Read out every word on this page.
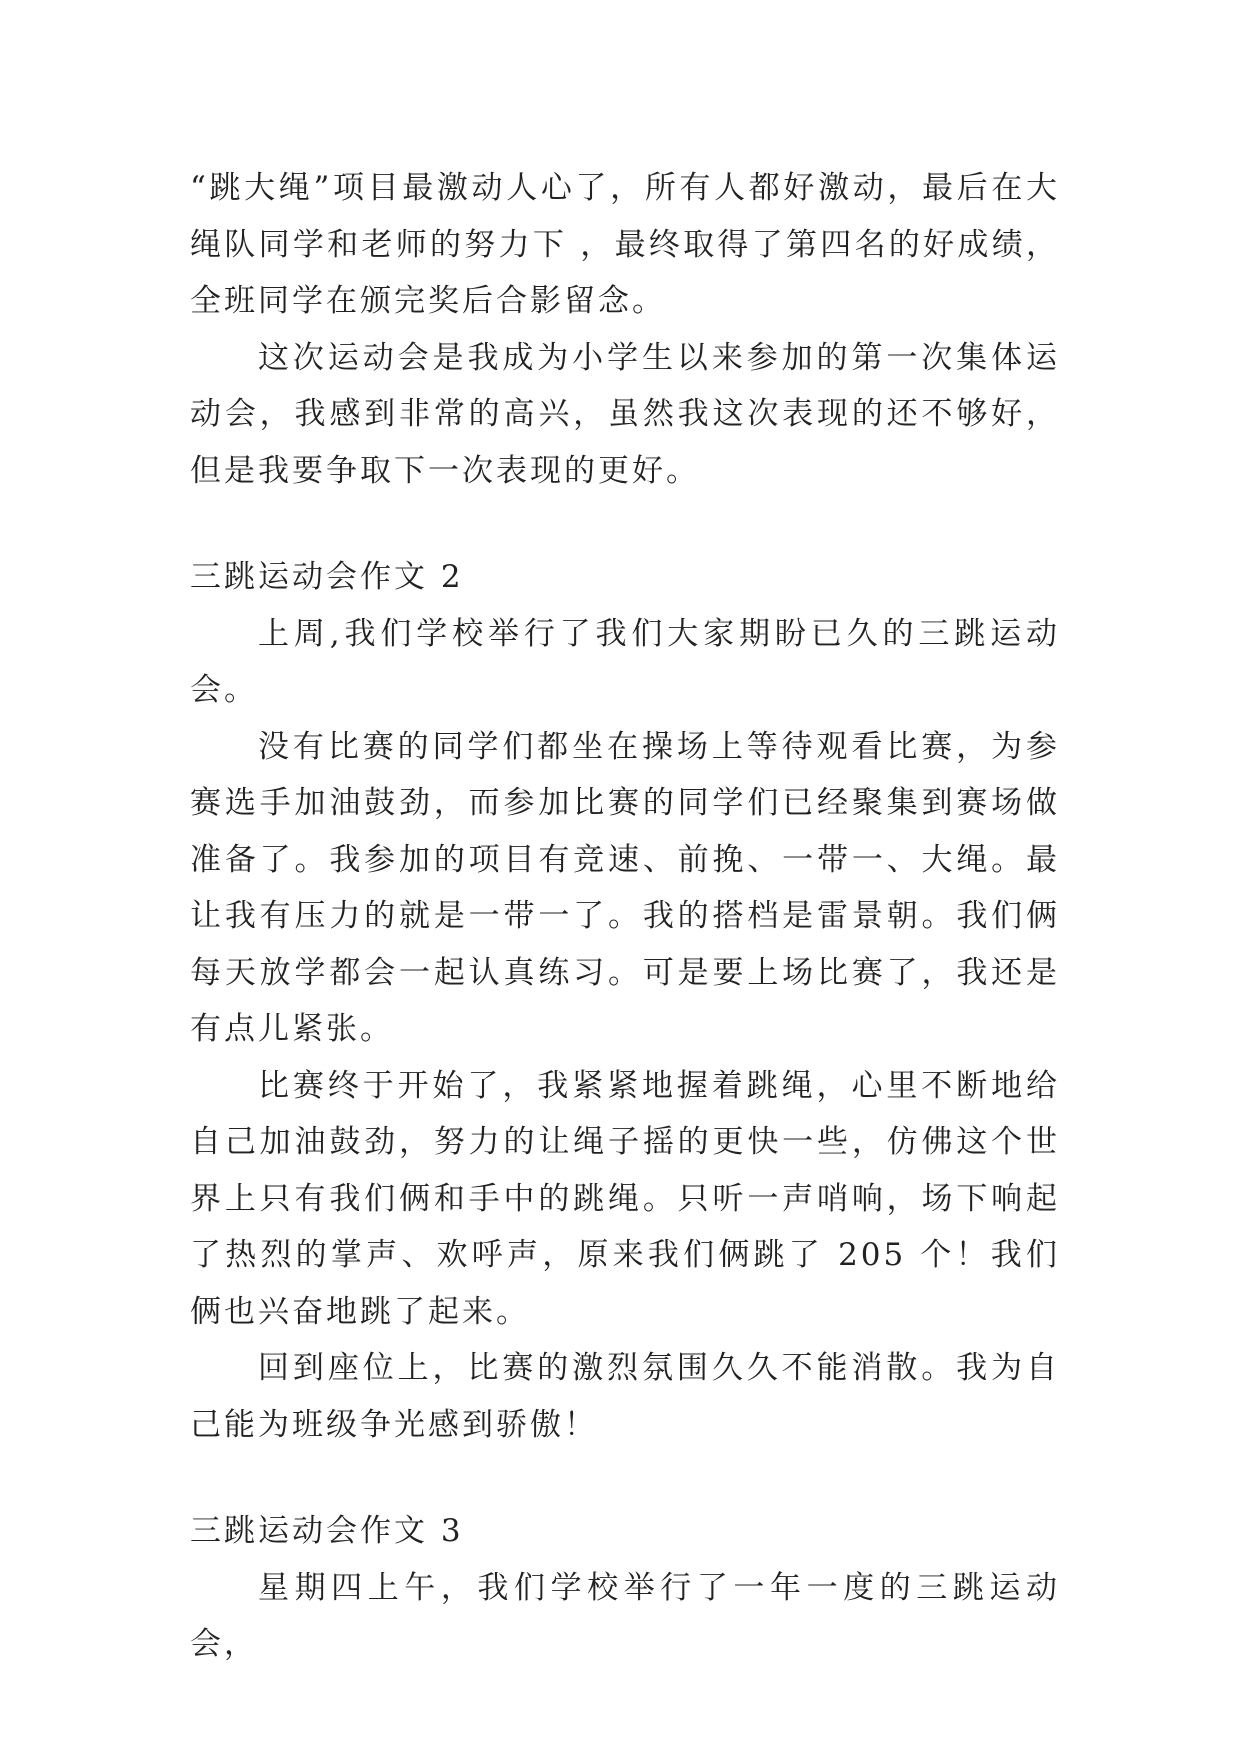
“跳大绳”项目最激动人心了，所有人都好激动，最后在大绳队同学和老师的努力下 ，最终取得了第四名的好成绩，全班同学在颁完奖后合影留念。

这次运动会是我成为小学生以来参加的第一次集体运动会，我感到非常的高兴，虽然我这次表现的还不够好，但是我要争取下一次表现的更好。

三跳运动会作文 2

上周,我们学校举行了我们大家期盼已久的三跳运动会。

没有比赛的同学们都坐在操场上等待观看比赛，为参赛选手加油鼓劲，而参加比赛的同学们已经聚集到赛场做准备了。我参加的项目有竞速、前挽、一带一、大绳。最让我有压力的就是一带一了。我的搭档是雷景朝。我们俩每天放学都会一起认真练习。可是要上场比赛了，我还是有点儿紧张。

比赛终于开始了，我紧紧地握着跳绳，心里不断地给自己加油鼓劲，努力的让绳子摇的更快一些，仿佛这个世界上只有我们俩和手中的跳绳。只听一声哨响，场下响起了热烈的掌声、欢呼声，原来我们俩跳了 205 个！我们俩也兴奋地跳了起来。

回到座位上，比赛的激烈氛围久久不能消散。我为自己能为班级争光感到骄傲！

三跳运动会作文 3

星期四上午，我们学校举行了一年一度的三跳运动会，
